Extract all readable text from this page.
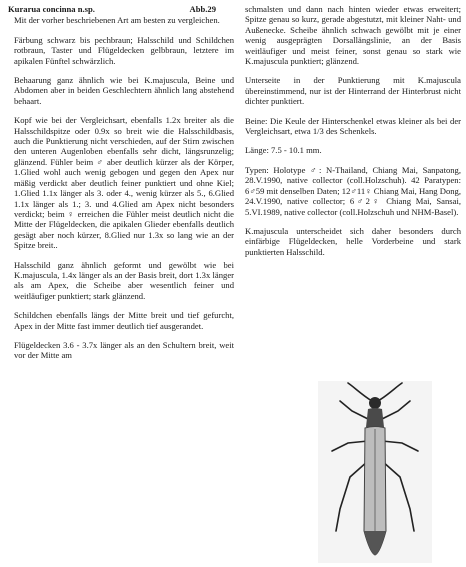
Kurarua concinna n.sp.	Abb.29

Mit der vorher beschriebenen Art am besten zu vergleichen.

Färbung schwarz bis pechbraun; Halsschild und Schildchen rotbraun, Taster und Flügeldecken gelbbraun, letztere im apikalen Fünftel schwärzlich.

Behaarung ganz ähnlich wie bei K.majuscula, Beine und Abdomen aber in beiden Geschlechtern ähnlich lang abstehend behaart.

Kopf wie bei der Vergleichsart, ebenfalls 1.2x breiter als die Halsschildspitze oder 0.9x so breit wie die Halsschildbasis, auch die Punktierung nicht verschieden, auf der Stirn zwischen den unteren Augenloben ebenfalls sehr dicht, längsrunzelig; glänzend. Fühler beim ♂ aber deutlich kürzer als der Körper, 1.Glied wohl auch wenig gebogen und gegen den Apex nur mäßig verdickt aber deutlich feiner punktiert und ohne Kiel; 1.Glied 1.1x länger als 3. oder 4., wenig kürzer als 5., 6.Glied 1.1x länger als 1.; 3. und 4.Glied am Apex nicht besonders verdickt; beim ♀ erreichen die Fühler meist deutlich nicht die Mitte der Flügeldecken, die apikalen Glieder ebenfalls deutlich gesägt aber noch kürzer, 8.Glied nur 1.3x so lang wie an der Spitze breit..

Halsschild ganz ähnlich geformt und gewölbt wie bei K.majuscula, 1.4x länger als an der Basis breit, dort 1.3x länger als am Apex, die Scheibe aber wesentlich feiner und weitläufiger punktiert; stark glänzend.

Schildchen ebenfalls längs der Mitte breit und tief gefurcht, Apex in der Mitte fast immer deutlich tief ausgerandet.

Flügeldecken 3.6 - 3.7x länger als an den Schultern breit, weit vor der Mitte am

schmalsten und dann nach hinten wieder etwas erweitert; Spitze genau so kurz, gerade abgestutzt, mit kleiner Naht- und Außenecke. Scheibe ähnlich schwach gewölbt mit je einer wenig ausgeprägten Dorsallängslinie, an der Basis weitläufiger und meist feiner, sonst genau so stark wie K.majuscula punktiert; glänzend.

Unterseite in der Punktierung mit K.majuscula übereinstimmend, nur ist der Hinterrand der Hinterbrust nicht dichter punktiert.

Beine: Die Keule der Hinterschenkel etwas kleiner als bei der Vergleichsart, etwa 1/3 des Schenkels.

Länge: 7.5 - 10.1 mm.

Typen: Holotype ♂: N-Thailand, Chiang Mai, Sanpatong, 28.V.1990, native collector (coll.Holzschuh). 42 Paratypen: 6♂59 mit denselben Daten; 12♂11♀ Chiang Mai, Hang Dong, 24.V.1990, native collector; 6♂2♀ Chiang Mai, Sansai, 5.VI.1989, native collector (coll.Holzschuh und NHM-Basel).

K.majuscula unterscheidet sich daher besonders durch einfärbige Flügeldecken, helle Vorderbeine und stark punktierten Halsschild.
